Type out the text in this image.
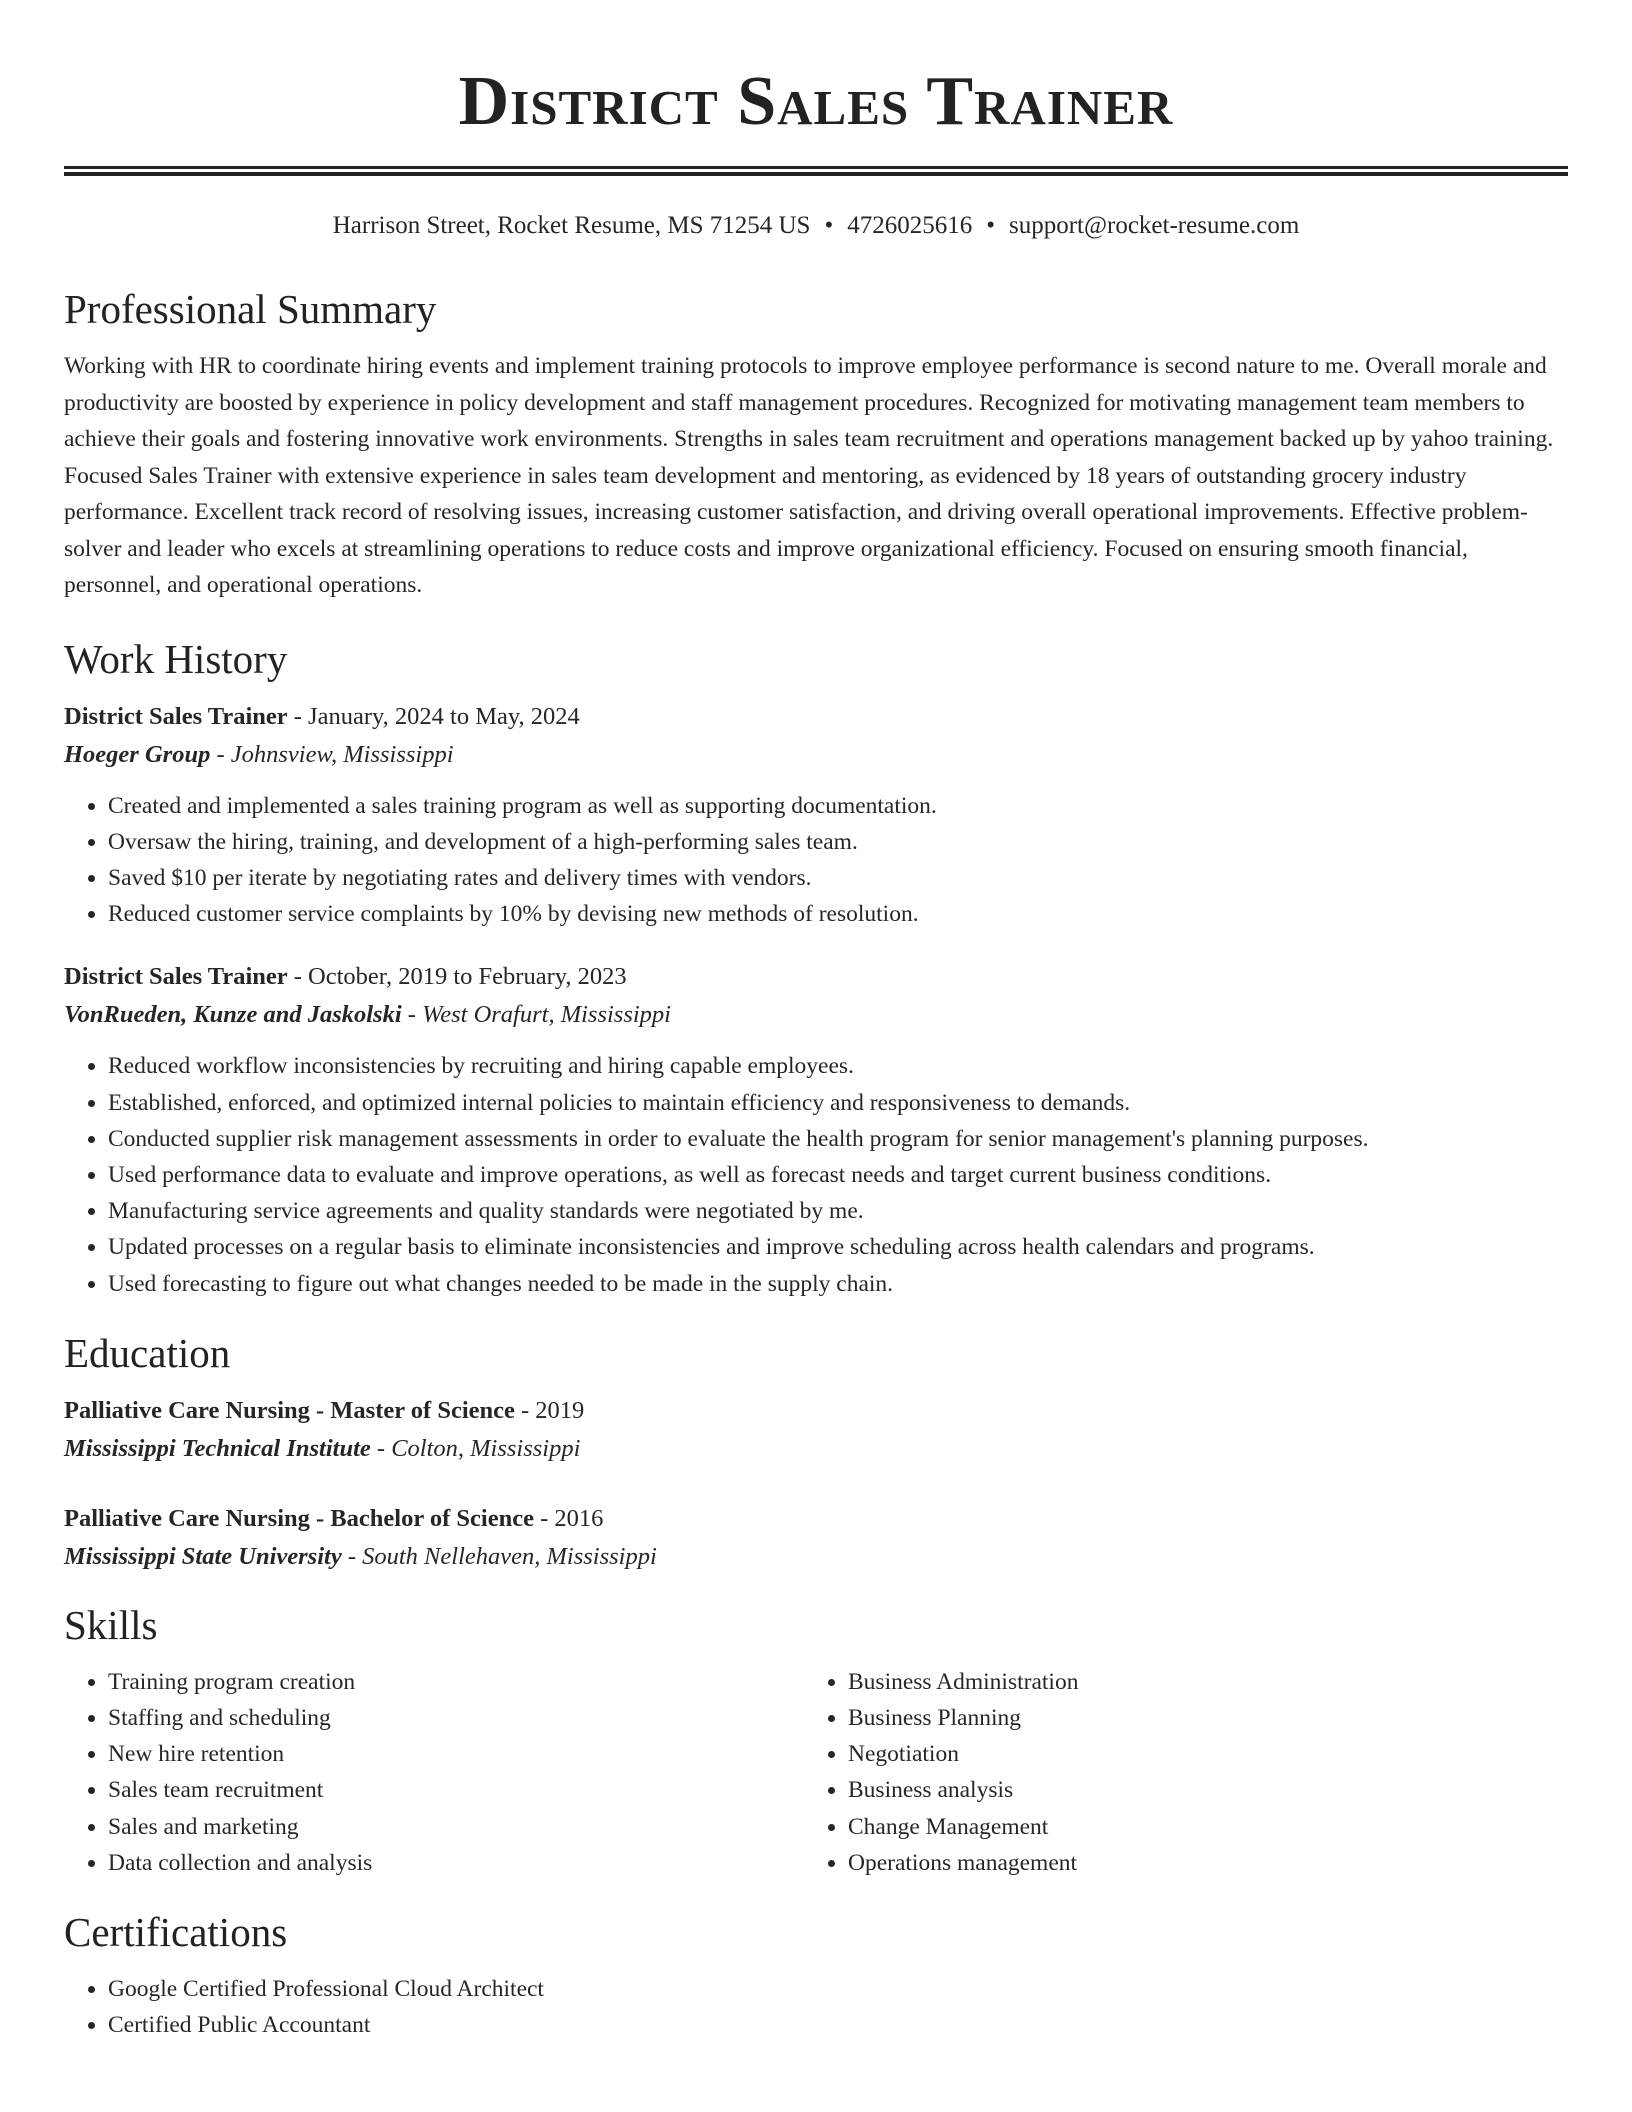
District Sales Trainer
Harrison Street, Rocket Resume, MS 71254 US • 4726025616 • support@rocket-resume.com
Professional Summary

Working with HR to coordinate hiring events and implement training protocols to improve employee performance is second nature to me. Overall morale and productivity are boosted by experience in policy development and staff management procedures. Recognized for motivating management team members to achieve their goals and fostering innovative work environments. Strengths in sales team recruitment and operations management backed up by yahoo training. Focused Sales Trainer with extensive experience in sales team development and mentoring, as evidenced by 18 years of outstanding grocery industry performance. Excellent track record of resolving issues, increasing customer satisfaction, and driving overall operational improvements. Effective problem-solver and leader who excels at streamlining operations to reduce costs and improve organizational efficiency. Focused on ensuring smooth financial, personnel, and operational operations.

Work History
District Sales Trainer - January, 2024 to May, 2024
Hoeger Group - Johnsview, Mississippi
• Created and implemented a sales training program as well as supporting documentation.
• Oversaw the hiring, training, and development of a high-performing sales team.
• Saved $10 per iterate by negotiating rates and delivery times with vendors.
• Reduced customer service complaints by 10% by devising new methods of resolution.
District Sales Trainer - October, 2019 to February, 2023
VonRueden, Kunze and Jaskolski - West Orafurt, Mississippi
• Reduced workflow inconsistencies by recruiting and hiring capable employees.
• Established, enforced, and optimized internal policies to maintain efficiency and responsiveness to demands.
• Conducted supplier risk management assessments in order to evaluate the health program for senior management's planning purposes.
• Used performance data to evaluate and improve operations, as well as forecast needs and target current business conditions.
• Manufacturing service agreements and quality standards were negotiated by me.
• Updated processes on a regular basis to eliminate inconsistencies and improve scheduling across health calendars and programs.
• Used forecasting to figure out what changes needed to be made in the supply chain.
Education
Palliative Care Nursing - Master of Science - 2019
Mississippi Technical Institute - Colton, Mississippi
Palliative Care Nursing - Bachelor of Science - 2016
Mississippi State University - South Nellehaven, Mississippi
Skills
• Training program creation
• Staffing and scheduling
• New hire retention
• Sales team recruitment
• Sales and marketing
• Data collection and analysis
• Business Administration
• Business Planning
• Negotiation
• Business analysis
• Change Management
• Operations management
Certifications
• Google Certified Professional Cloud Architect
• Certified Public Accountant
